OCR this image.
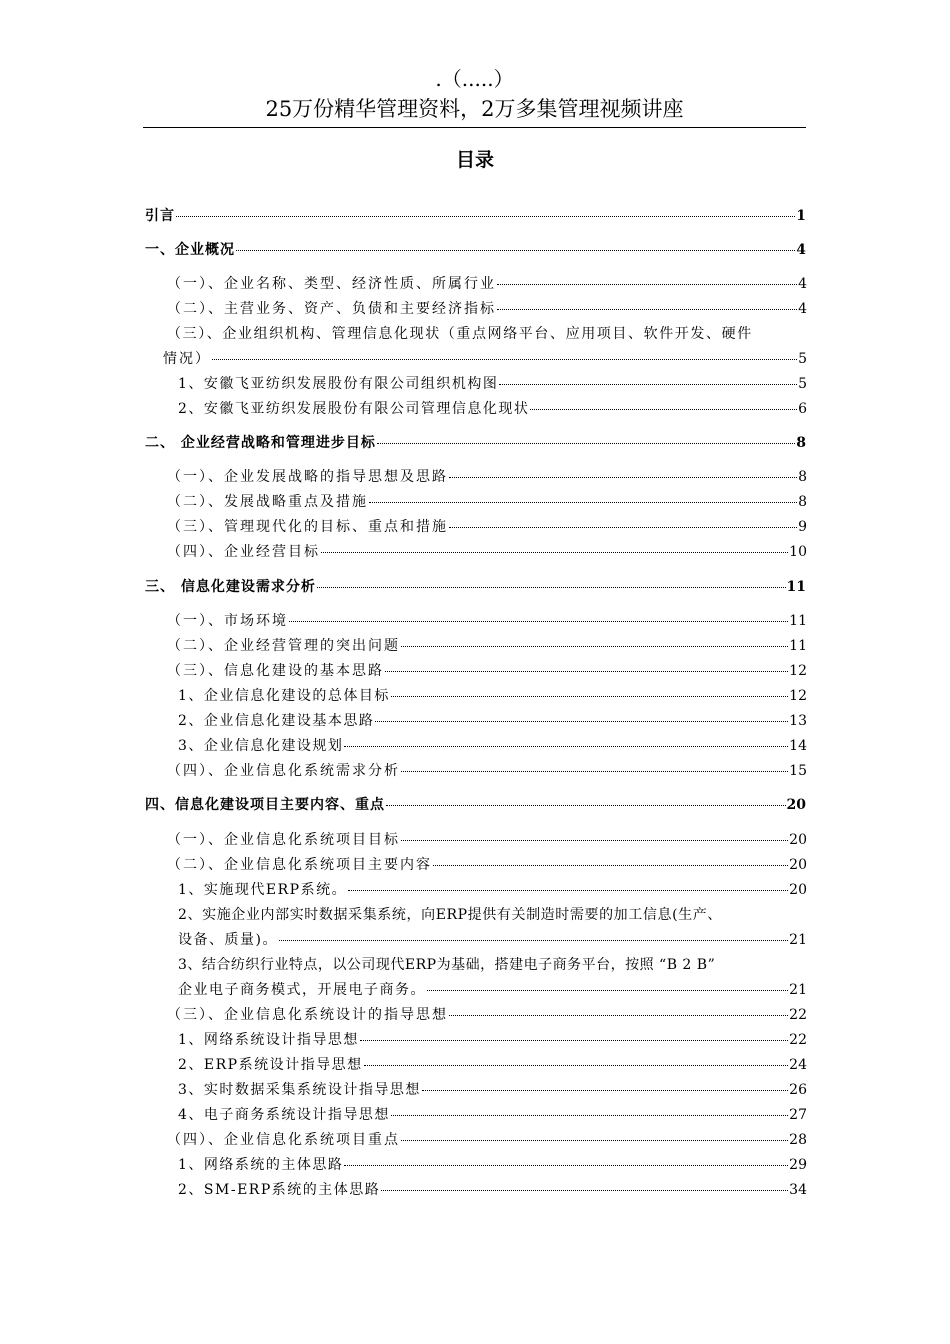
.（.....）
25万份精华管理资料，2万多集管理视频讲座
目录
引言	1
一、企业概况	4
（一）、企业名称、类型、经济性质、所属行业	4
（二）、主营业务、资产、负债和主要经济指标	4
（三）、企业组织机构、管理信息化现状（重点网络平台、应用项目、软件开发、硬件
情况）	5
1、安徽飞亚纺织发展股份有限公司组织机构图	5
2、安徽飞亚纺织发展股份有限公司管理信息化现状	6
二、 企业经营战略和管理进步目标	8
（一）、企业发展战略的指导思想及思路	8
（二）、发展战略重点及措施	8
（三）、管理现代化的目标、重点和措施	9
（四）、企业经营目标	10
三、 信息化建设需求分析	11
（一）、市场环境	11
（二）、企业经营管理的突出问题	11
（三）、信息化建设的基本思路	12
1、企业信息化建设的总体目标	12
2、企业信息化建设基本思路	13
3、企业信息化建设规划	14
（四）、企业信息化系统需求分析	15
四、信息化建设项目主要内容、重点	20
（一）、企业信息化系统项目目标	20
（二）、企业信息化系统项目主要内容	20
1、实施现代ERP系统。	20
2、实施企业内部实时数据采集系统，向ERP提供有关制造时需要的加工信息(生产、
设备、质量)。	21
3、结合纺织行业特点，以公司现代ERP为基础，搭建电子商务平台，按照 “B 2 B”
企业电子商务模式，开展电子商务。	21
（三）、企业信息化系统设计的指导思想	22
1、网络系统设计指导思想	22
2、ERP系统设计指导思想	24
3、实时数据采集系统设计指导思想	26
4、电子商务系统设计指导思想	27
（四）、企业信息化系统项目重点	28
1、网络系统的主体思路	29
2、SM-ERP系统的主体思路	34
